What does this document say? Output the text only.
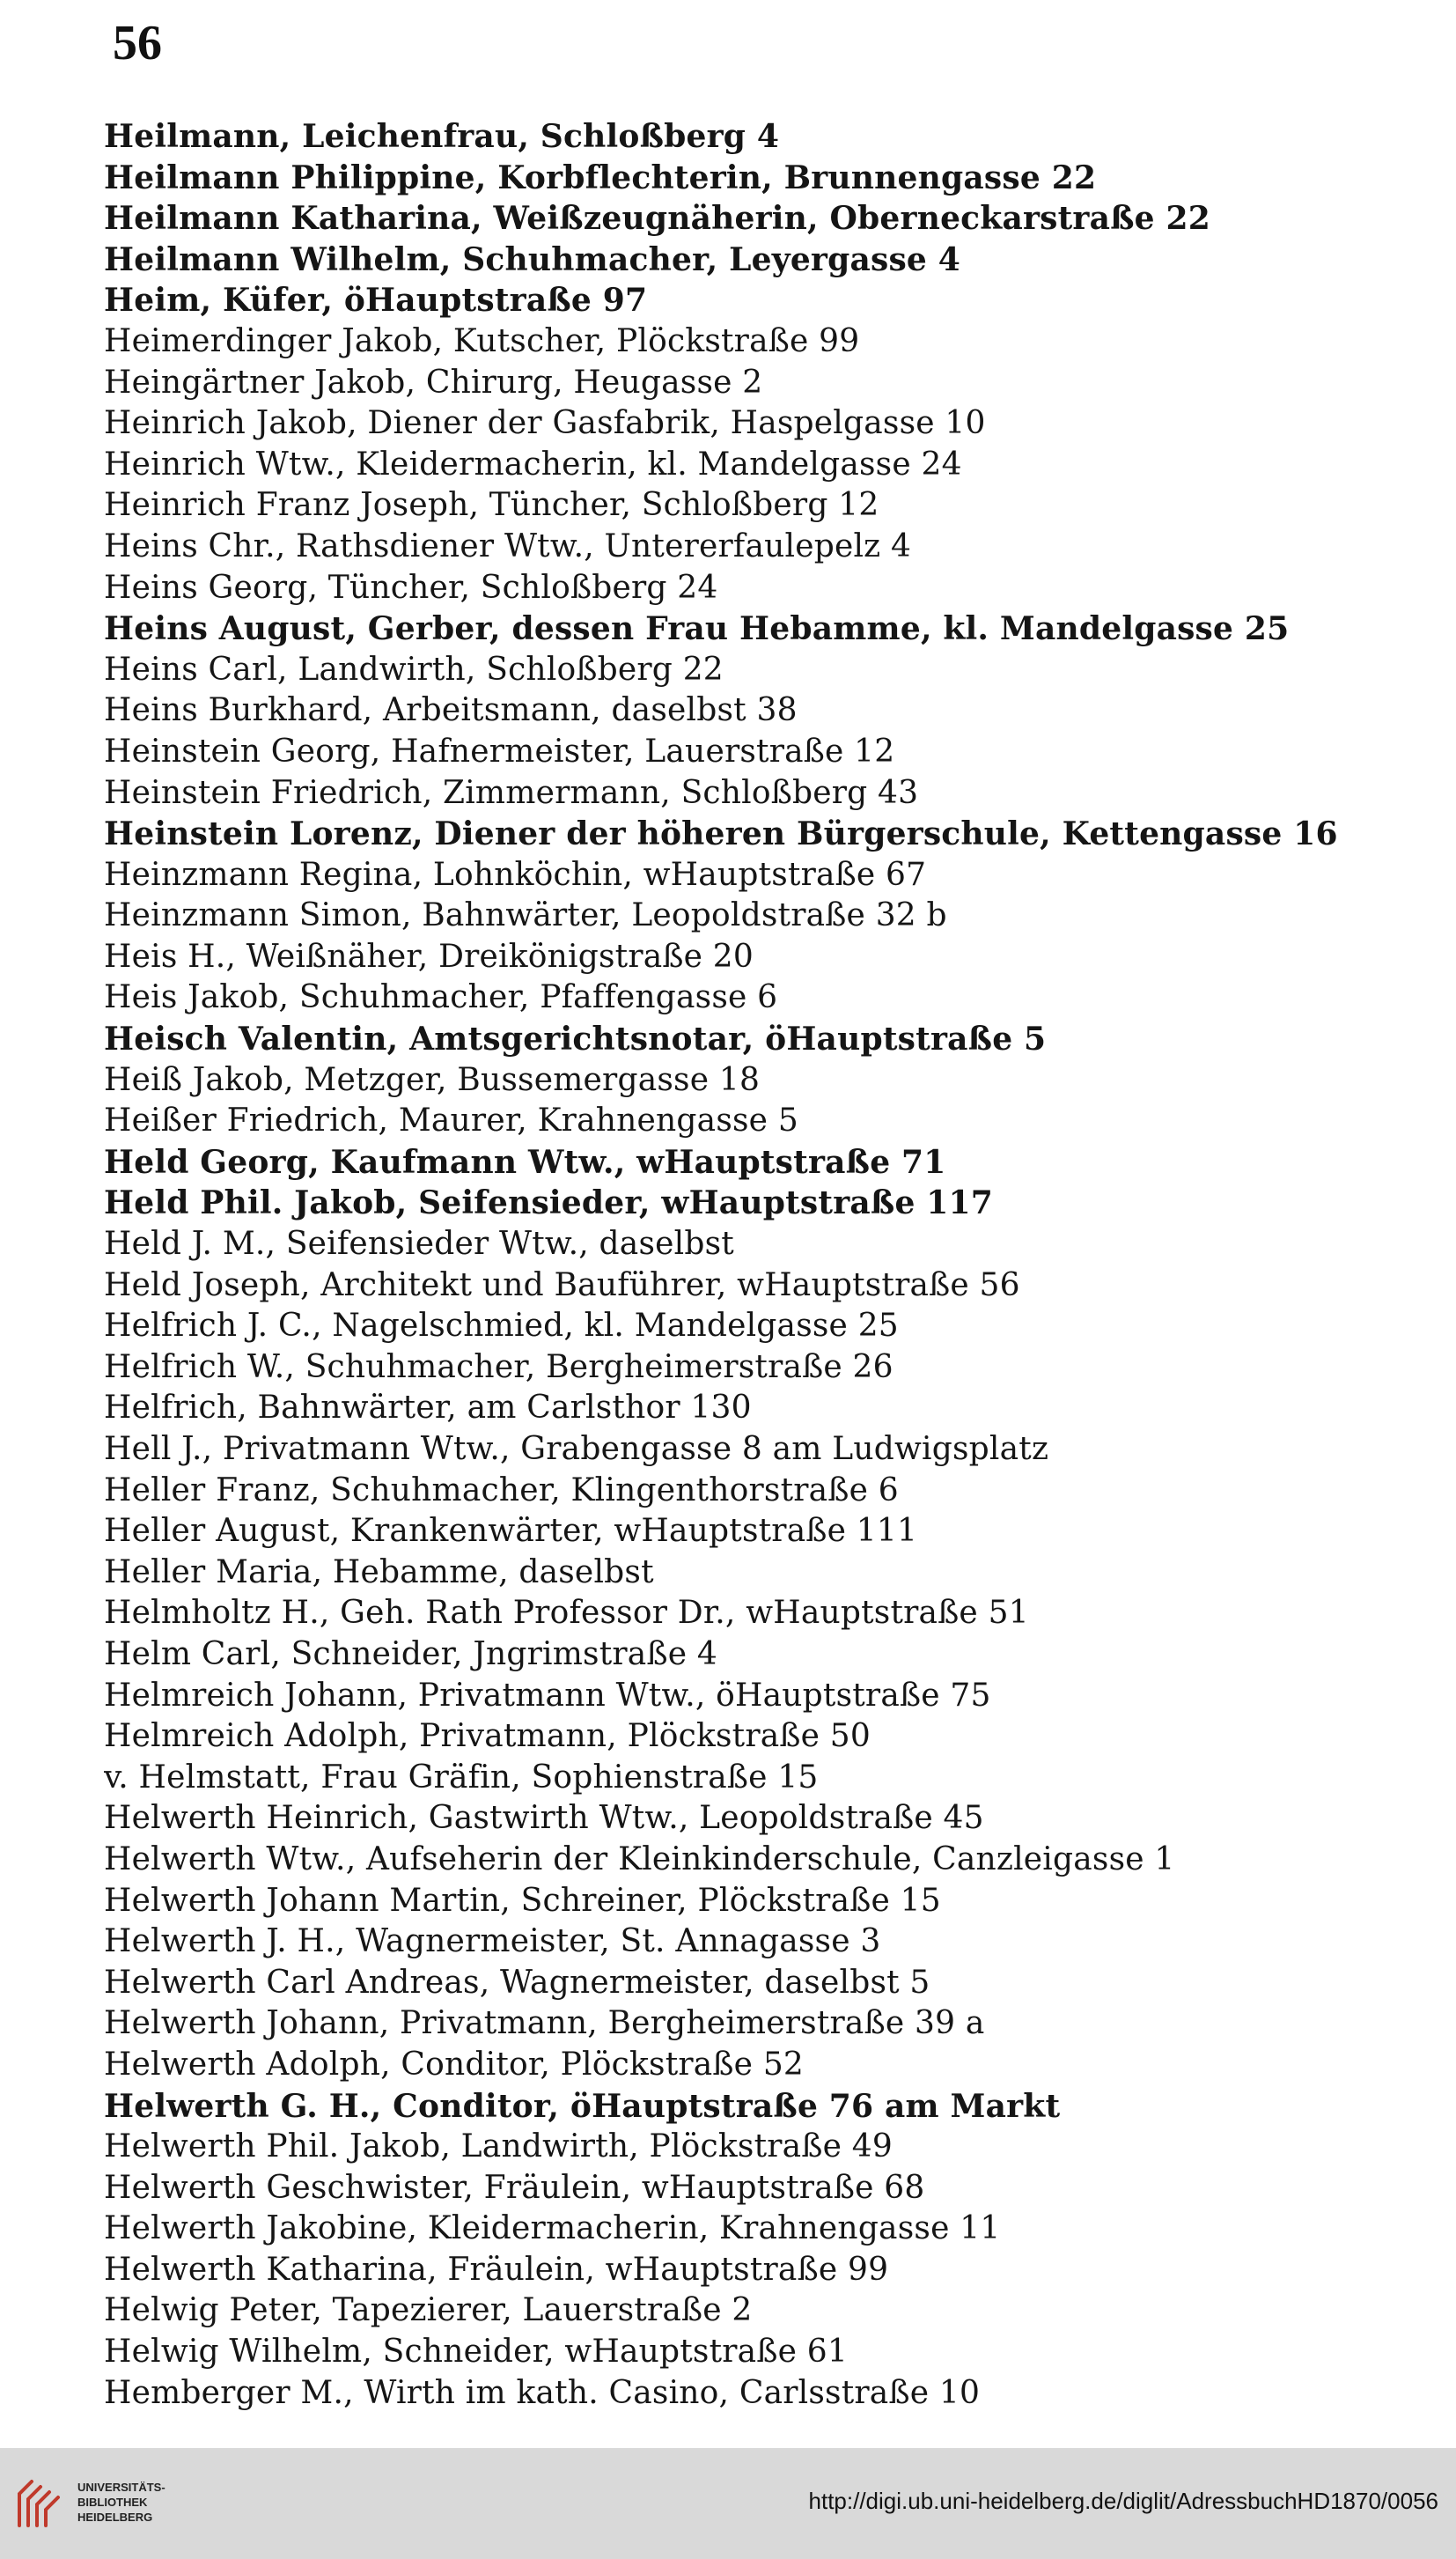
56
Heilmann, Leichenfrau, Schloßberg 4
Heilmann Philippine, Korbflechterin, Brunnengasse 22
Heilmann Katharina, Weißzeugnäherin, Oberneckarstraße 22
Heilmann Wilhelm, Schuhmacher, Leyergasse 4
Heim, Küfer, öHauptstraße 97
Heimerdinger Jakob, Kutscher, Plöckstraße 99
Heingärtner Jakob, Chirurg, Heugasse 2
Heinrich Jakob, Diener der Gasfabrik, Haspelgasse 10
Heinrich Wtw., Kleidermacherin, kl. Mandelgasse 24
Heinrich Franz Joseph, Tüncher, Schloßberg 12
Heins Chr., Rathsdiener Wtw., Untererfaulepelz 4
Heins Georg, Tüncher, Schloßberg 24
Heins August, Gerber, dessen Frau Hebamme, kl. Mandelgasse 25
Heins Carl, Landwirth, Schloßberg 22
Heins Burkhard, Arbeitsmann, daselbst 38
Heinstein Georg, Hafnermeister, Lauerstraße 12
Heinstein Friedrich, Zimmermann, Schloßberg 43
Heinstein Lorenz, Diener der höheren Bürgerschule, Kettengasse 16
Heinzmann Regina, Lohnköchin, wHauptstraße 67
Heinzmann Simon, Bahnwärter, Leopoldstraße 32 b
Heis H., Weißnäher, Dreikönigstraße 20
Heis Jakob, Schuhmacher, Pfaffengasse 6
Heisch Valentin, Amtsgerichtsnotar, öHauptstraße 5
Heiß Jakob, Metzger, Bussemergasse 18
Heißer Friedrich, Maurer, Krahnengasse 5
Held Georg, Kaufmann Wtw., wHauptstraße 71
Held Phil. Jakob, Seifensieder, wHauptstraße 117
Held J. M., Seifensieder Wtw., daselbst
Held Joseph, Architekt und Bauführer, wHauptstraße 56
Helfrich J. C., Nagelschmied, kl. Mandelgasse 25
Helfrich W., Schuhmacher, Bergheimerstraße 26
Helfrich, Bahnwärter, am Carlsthor 130
Hell J., Privatmann Wtw., Grabengasse 8 am Ludwigsplatz
Heller Franz, Schuhmacher, Klingenthorstraße 6
Heller August, Krankenwärter, wHauptstraße 111
Heller Maria, Hebamme, daselbst
Helmholtz H., Geh. Rath Professor Dr., wHauptstraße 51
Helm Carl, Schneider, Jngrimstraße 4
Helmreich Johann, Privatmann Wtw., öHauptstraße 75
Helmreich Adolph, Privatmann, Plöckstraße 50
v. Helmstatt, Frau Gräfin, Sophienstraße 15
Helwerth Heinrich, Gastwirth Wtw., Leopoldstraße 45
Helwerth Wtw., Aufseherin der Kleinkinderschule, Canzleigasse 1
Helwerth Johann Martin, Schreiner, Plöckstraße 15
Helwerth J. H., Wagnermeister, St. Annagasse 3
Helwerth Carl Andreas, Wagnermeister, daselbst 5
Helwerth Johann, Privatmann, Bergheimerstraße 39 a
Helwerth Adolph, Conditor, Plöckstraße 52
Helwerth G. H., Conditor, öHauptstraße 76 am Markt
Helwerth Phil. Jakob, Landwirth, Plöckstraße 49
Helwerth Geschwister, Fräulein, wHauptstraße 68
Helwerth Jakobine, Kleidermacherin, Krahnengasse 11
Helwerth Katharina, Fräulein, wHauptstraße 99
Helwig Peter, Tapezierer, Lauerstraße 2
Helwig Wilhelm, Schneider, wHauptstraße 61
Hemberger M., Wirth im kath. Casino, Carlsstraße 10
UNIVERSITÄTS-
BIBLIOTHEK
HEIDELBERG
http://digi.ub.uni-heidelberg.de/diglit/AdressbuchHD1870/0056
